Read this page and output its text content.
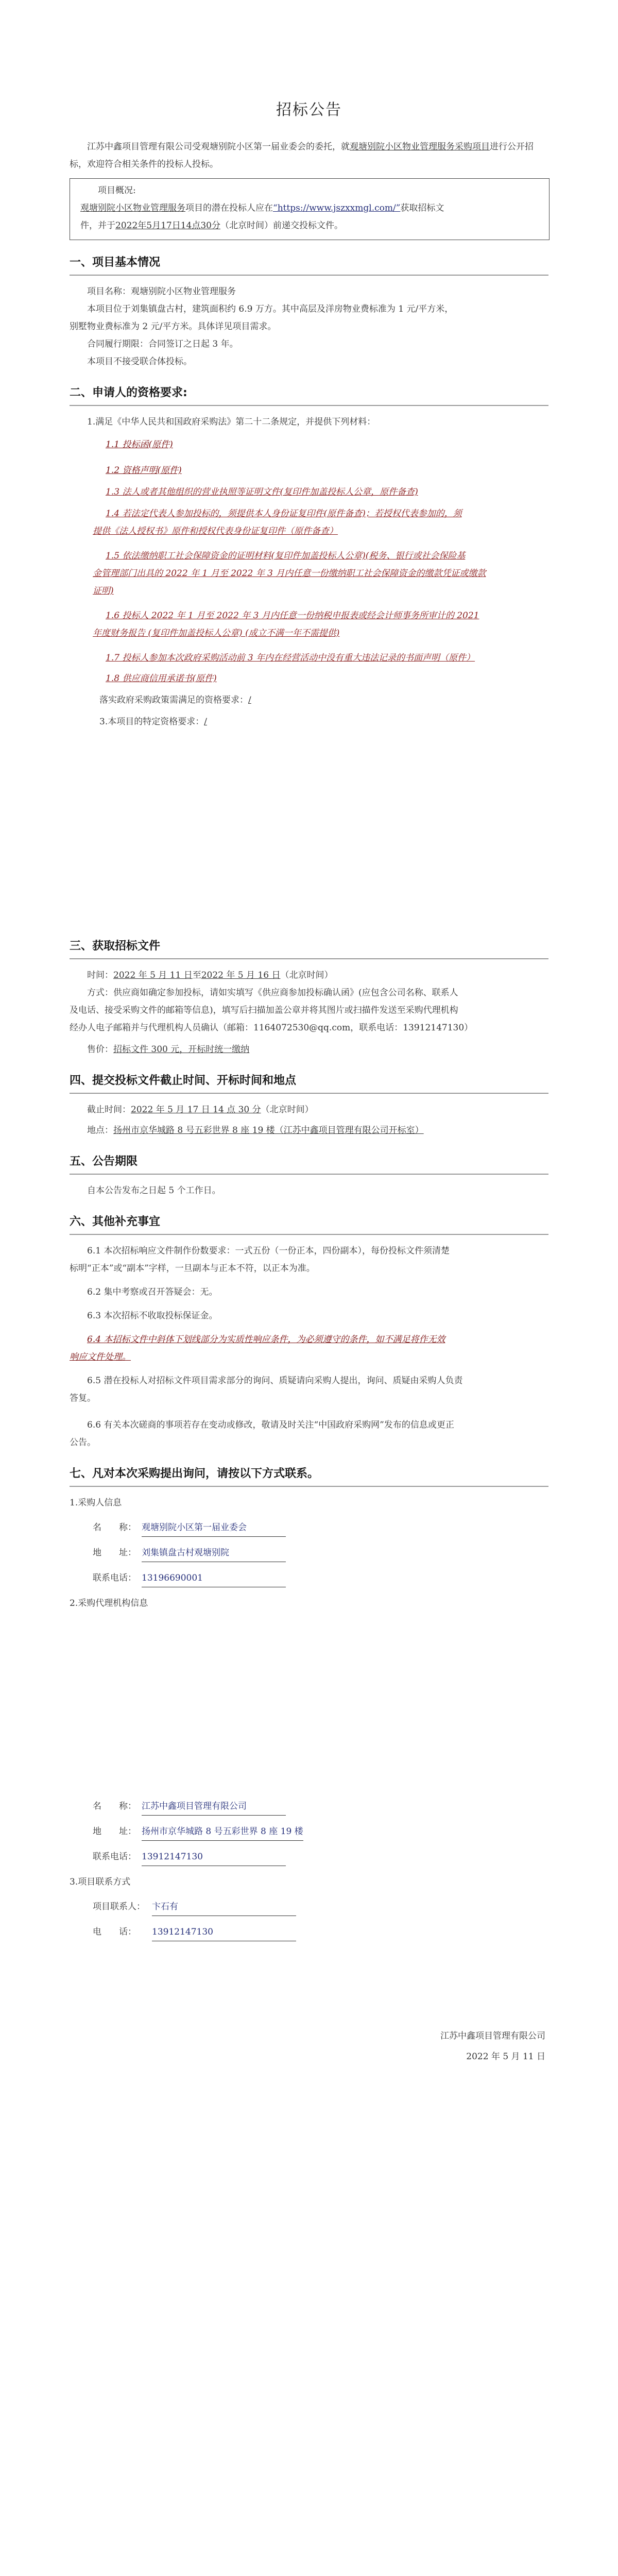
招标公告

江苏中鑫项目管理有限公司受观塘别院小区第一届业委会的委托，就观塘别院小区物业管理服务采购项目进行公开招标，欢迎符合相关条件的投标人投标。

项目概况:

观塘别院小区物业管理服务项目的潜在投标人应在“https://www.jszxxmgl.com/”获取招标文

件，并于2022年5月17日14点30分（北京时间）前递交投标文件。

一、项目基本情况

项目名称：观塘别院小区物业管理服务

本项目位于刘集镇盘古村，建筑面积约 6.9 万方。其中高层及洋房物业费标准为 1 元/平方米，

别墅物业费标准为 2 元/平方米。具体详见项目需求。

合同履行期限：合同签订之日起 3 年。

本项目不接受联合体投标。

二、申请人的资格要求:

1.满足《中华人民共和国政府采购法》第二十二条规定，并提供下列材料：

1.1 投标函(原件)
1.2 资格声明(原件)
1.3 法人或者其他组织的营业执照等证明文件(复印件加盖投标人公章，原件备查)
1.4 若法定代表人参加投标的，须提供本人身份证复印件(原件备查)；若授权代表参加的，须
提供《法人授权书》原件和授权代表身份证复印件（原件备查）
1.5 依法缴纳职工社会保障资金的证明材料(复印件加盖投标人公章)(税务、银行或社会保险基
金管理部门出具的 2022 年 1 月至 2022 年 3 月内任意一份缴纳职工社会保障资金的缴款凭证或缴款
证明)
1.6 投标人 2022 年 1 月至 2022 年 3 月内任意一份纳税申报表或经会计师事务所审计的 2021
年度财务报告 (复印件加盖投标人公章) (成立不满一年不需提供)
1.7 投标人参加本次政府采购活动前 3 年内在经营活动中没有重大违法记录的书面声明（原件）
1.8 供应商信用承诺书(原件)

落实政府采购政策需满足的资格要求：/

3.本项目的特定资格要求：/

三、获取招标文件

时间：2022 年 5 月 11 日至2022 年 5 月 16 日（北京时间）

方式：供应商如确定参加投标，请如实填写《供应商参加投标确认函》(应包含公司名称、联系人

及电话、接受采购文件的邮箱等信息)，填写后扫描加盖公章并将其图片或扫描件发送至采购代理机构

经办人电子邮箱并与代理机构人员确认（邮箱：1164072530@qq.com，联系电话：13912147130）

售价：招标文件 300 元，开标时统一缴纳

四、提交投标文件截止时间、开标时间和地点

截止时间：2022 年 5 月 17 日 14 点 30 分（北京时间）

地点：扬州市京华城路 8 号五彩世界 8 座 19 楼（江苏中鑫项目管理有限公司开标室）

五、公告期限

自本公告发布之日起 5 个工作日。

六、其他补充事宜

6.1 本次招标响应文件制作份数要求：一式五份（一份正本，四份副本），每份投标文件须清楚

标明“正本”或“副本”字样，一旦副本与正本不符，以正本为准。

6.2 集中考察或召开答疑会：无。

6.3 本次招标不收取投标保证金。

6.4 本招标文件中斜体下划线部分为实质性响应条件，为必须遵守的条件，如不满足将作无效

响应文件处理。

6.5 潜在投标人对招标文件项目需求部分的询问、质疑请向采购人提出，询问、质疑由采购人负责

答复。

6.6 有关本次磋商的事项若存在变动或修改，敬请及时关注“中国政府采购网”发布的信息或更正

公告。

七、凡对本次采购提出询问，请按以下方式联系。

1.采购人信息

名　　称： 观塘别院小区第一届业委会
地　　址： 刘集镇盘古村观塘别院
联系电话： 13196690001

2.采购代理机构信息

名　　称： 江苏中鑫项目管理有限公司
地　　址： 扬州市京华城路 8 号五彩世界 8 座 19 楼
联系电话： 13912147130

3.项目联系方式

项目联系人： 卞石有
电　　话：	13912147130
江苏中鑫项目管理有限公司
2022 年 5 月 11 日
